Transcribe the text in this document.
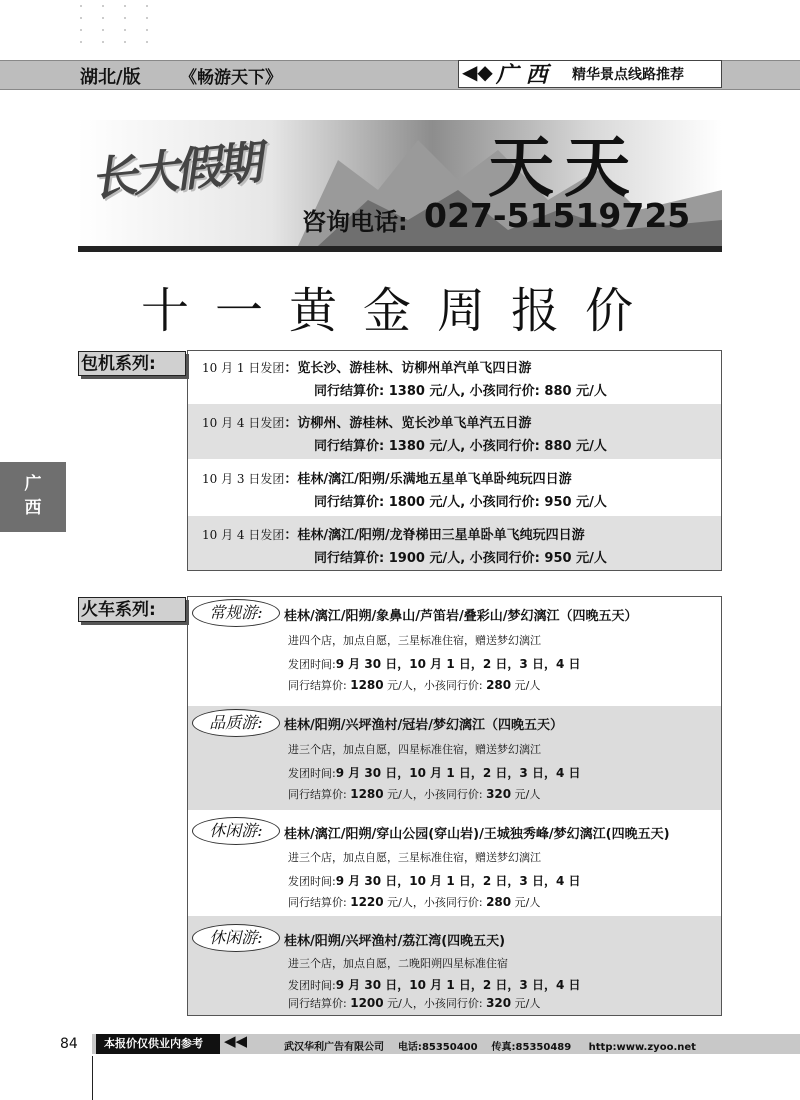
湖北/版 《畅游天下》	◀◆ 广 西 精华景点线路推荐
长大假期	天天
咨询电话: 027-51519725
十一黄金周报价
广
西
包机系列:	10 月 1 日发团：览长沙、游桂林、访柳州单汽单飞四日游
同行结算价: 1380 元/人, 小孩同行价: 880 元/人
10 月 4 日发团：访柳州、游桂林、览长沙单飞单汽五日游
同行结算价: 1380 元/人, 小孩同行价: 880 元/人
10 月 3 日发团：桂林/漓江/阳朔/乐满地五星单飞单卧纯玩四日游
同行结算价: 1800 元/人, 小孩同行价: 950 元/人
10 月 4 日发团：桂林/漓江/阳朔/龙脊梯田三星单卧单飞纯玩四日游
同行结算价: 1900 元/人, 小孩同行价: 950 元/人
火车系列:	常规游:	桂林/漓江/阳朔/象鼻山/芦笛岩/叠彩山/梦幻漓江（四晚五天）
进四个店，加点自愿，三星标准住宿，赠送梦幻漓江
发团时间:9 月 30 日，10 月 1 日，2 日，3 日，4 日
同行结算价: 1280 元/人，小孩同行价: 280 元/人
品质游:	桂林/阳朔/兴坪渔村/冠岩/梦幻漓江（四晚五天）
进三个店，加点自愿，四星标准住宿，赠送梦幻漓江
发团时间:9 月 30 日，10 月 1 日，2 日，3 日，4 日
同行结算价: 1280 元/人，小孩同行价: 320 元/人
休闲游:	桂林/漓江/阳朔/穿山公园(穿山岩)/王城独秀峰/梦幻漓江(四晚五天)
进三个店，加点自愿，三星标准住宿，赠送梦幻漓江
发团时间:9 月 30 日，10 月 1 日，2 日，3 日，4 日
同行结算价: 1220 元/人，小孩同行价: 280 元/人
休闲游:	桂林/阳朔/兴坪渔村/荔江湾(四晚五天)
进三个店，加点自愿，二晚阳朔四星标准住宿
发团时间:9 月 30 日，10 月 1 日，2 日，3 日，4 日
同行结算价: 1200 元/人，小孩同行价: 320 元/人
84	本报价仅供业内参考	◀◀	武汉华利广告有限公司 电话:85350400 传真:85350489 http:www.zyoo.net
